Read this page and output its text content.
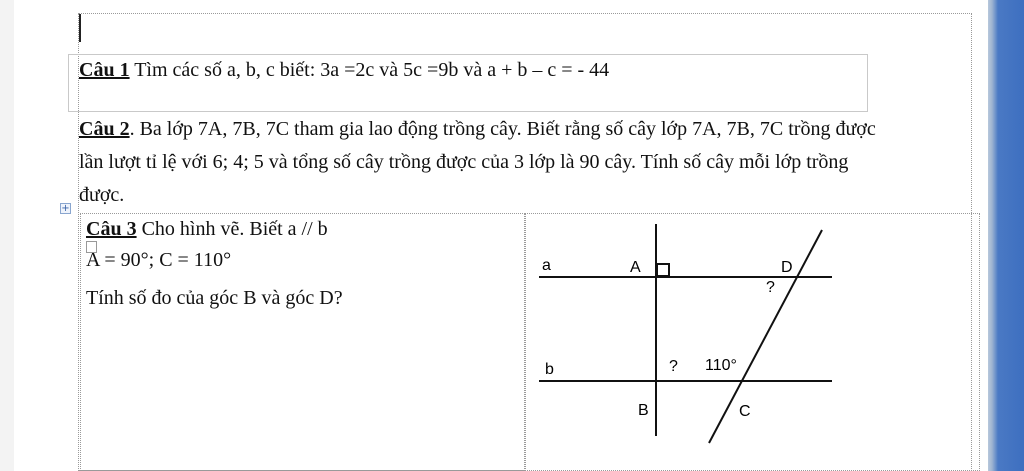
Câu 1 Tìm các số a, b, c biết: 3a =2c và 5c =9b và a + b – c = - 44
Câu 2. Ba lớp 7A, 7B, 7C tham gia lao động trồng cây. Biết rằng số cây lớp 7A, 7B, 7C trồng được
lần lượt tỉ lệ với 6; 4; 5 và tổng số cây trồng được của 3 lớp là 90 cây. Tính số cây mỗi lớp trồng
được.
+
Câu 3 Cho hình vẽ. Biết a // b
A = 90°; C = 110°
Tính số đo của góc B và góc D?
a
b
A
B	C
D
?
? 110°
